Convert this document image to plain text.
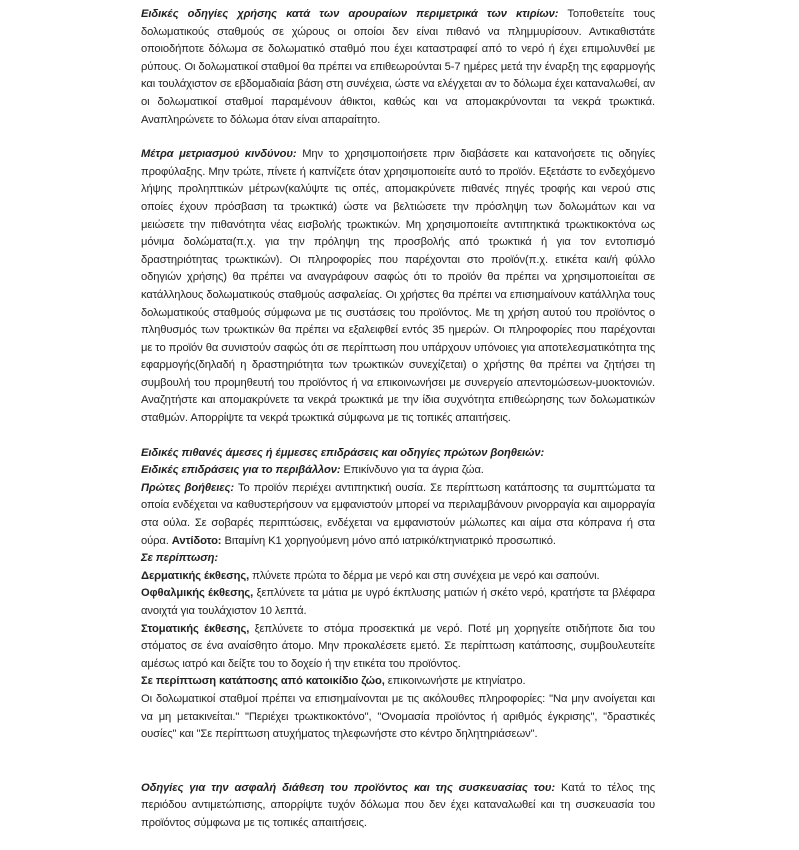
Ειδικές οδηγίες χρήσης κατά των αρουραίων περιμετρικά των κτιρίων: Τοποθετείτε τους δολωματικούς σταθμούς σε χώρους οι οποίοι δεν είναι πιθανό να πλημμυρίσουν. Αντικαθιστάτε οποιοδήποτε δόλωμα σε δολωματικό σταθμό που έχει καταστραφεί από το νερό ή έχει επιμολυνθεί με ρύπους. Οι δολωματικοί σταθμοί θα πρέπει να επιθεωρούνται 5-7 ημέρες μετά την έναρξη της εφαρμογής και τουλάχιστον σε εβδομαδιαία βάση στη συνέχεια, ώστε να ελέγχεται αν το δόλωμα έχει καταναλωθεί, αν οι δολωματικοί σταθμοί παραμένουν άθικτοι, καθώς και να απομακρύνονται τα νεκρά τρωκτικά. Αναπληρώνετε το δόλωμα όταν είναι απαραίτητο.

Μέτρα μετριασμού κινδύνου: Μην το χρησιμοποιήσετε πριν διαβάσετε και κατανοήσετε τις οδηγίες προφύλαξης. Μην τρώτε, πίνετε ή καπνίζετε όταν χρησιμοποιείτε αυτό το προϊόν. Εξετάστε το ενδεχόμενο λήψης προληπτικών μέτρων(καλύψτε τις οπές, απομακρύνετε πιθανές πηγές τροφής και νερού στις οποίες έχουν πρόσβαση τα τρωκτικά) ώστε να βελτιώσετε την πρόσληψη των δολωμάτων και να μειώσετε την πιθανότητα νέας εισβολής τρωκτικών. Μη χρησιμοποιείτε αντιπηκτικά τρωκτικοκτόνα ως μόνιμα δολώματα(π.χ. για την πρόληψη της προσβολής από τρωκτικά ή για τον εντοπισμό δραστηριότητας τρωκτικών). Οι πληροφορίες που παρέχονται στο προϊόν(π.χ. ετικέτα και/ή φύλλο οδηγιών χρήσης) θα πρέπει να αναγράφουν σαφώς ότι το προϊόν θα πρέπει να χρησιμοποιείται σε κατάλληλους δολωματικούς σταθμούς ασφαλείας. Οι χρήστες θα πρέπει να επισημαίνουν κατάλληλα τους δολωματικούς σταθμούς σύμφωνα με τις συστάσεις του προϊόντος. Με τη χρήση αυτού του προϊόντος ο πληθυσμός των τρωκτικών θα πρέπει να εξαλειφθεί εντός 35 ημερών. Οι πληροφορίες που παρέχονται με το προϊόν θα συνιστούν σαφώς ότι σε περίπτωση που υπάρχουν υπόνοιες για αποτελεσματικότητα της εφαρμογής(δηλαδή η δραστηριότητα των τρωκτικών συνεχίζεται) ο χρήστης θα πρέπει να ζητήσει τη συμβουλή του προμηθευτή του προϊόντος ή να επικοινωνήσει με συνεργείο απεντομώσεων-μυοκτονιών. Αναζητήστε και απομακρύνετε τα νεκρά τρωκτικά με την ίδια συχνότητα επιθεώρησης των δολωματικών σταθμών. Απορρίψτε τα νεκρά τρωκτικά σύμφωνα με τις τοπικές απαιτήσεις.

Ειδικές πιθανές άμεσες ή έμμεσες επιδράσεις και οδηγίες πρώτων βοηθειών:

Ειδικές επιδράσεις για το περιβάλλον: Επικίνδυνο για τα άγρια ζώα.

Πρώτες βοήθειες: Το προϊόν περιέχει αντιπηκτική ουσία. Σε περίπτωση κατάποσης τα συμπτώματα τα οποία ενδέχεται να καθυστερήσουν να εμφανιστούν μπορεί να περιλαμβάνουν ρινορραγία και αιμορραγία στα ούλα. Σε σοβαρές περιπτώσεις, ενδέχεται να εμφανιστούν μώλωπες και αίμα στα κόπρανα ή στα ούρα. Αντίδοτο: Βιταμίνη Κ1 χορηγούμενη μόνο από ιατρικό/κτηνιατρικό προσωπικό.

Σε περίπτωση:

Δερματικής έκθεσης, πλύνετε πρώτα το δέρμα με νερό και στη συνέχεια με νερό και σαπούνι.

Οφθαλμικής έκθεσης, ξεπλύνετε τα μάτια με υγρό έκπλυσης ματιών ή σκέτο νερό, κρατήστε τα βλέφαρα ανοιχτά για τουλάχιστον 10 λεπτά.

Στοματικής έκθεσης, ξεπλύνετε το στόμα προσεκτικά με νερό. Ποτέ μη χορηγείτε οτιδήποτε δια του στόματος σε ένα αναίσθητο άτομο. Μην προκαλέσετε εμετό. Σε περίπτωση κατάποσης, συμβουλευτείτε αμέσως ιατρό και δείξτε του το δοχείο ή την ετικέτα του προϊόντος.

Σε περίπτωση κατάποσης από κατοικίδιο ζώο, επικοινωνήστε με κτηνίατρο.

Οι δολωματικοί σταθμοί πρέπει να επισημαίνονται με τις ακόλουθες πληροφορίες: "Να μην ανοίγεται και να μη μετακινείται." "Περιέχει τρωκτικοκτόνο", "Ονομασία προϊόντος ή αριθμός έγκρισης", "δραστικές ουσίες" και "Σε περίπτωση ατυχήματος τηλεφωνήστε στο κέντρο δηλητηριάσεων".

Οδηγίες για την ασφαλή διάθεση του προϊόντος και της συσκευασίας του: Κατά το τέλος της περιόδου αντιμετώπισης, απορρίψτε τυχόν δόλωμα που δεν έχει καταναλωθεί και τη συσκευασία του προϊόντος σύμφωνα με τις τοπικές απαιτήσεις.
